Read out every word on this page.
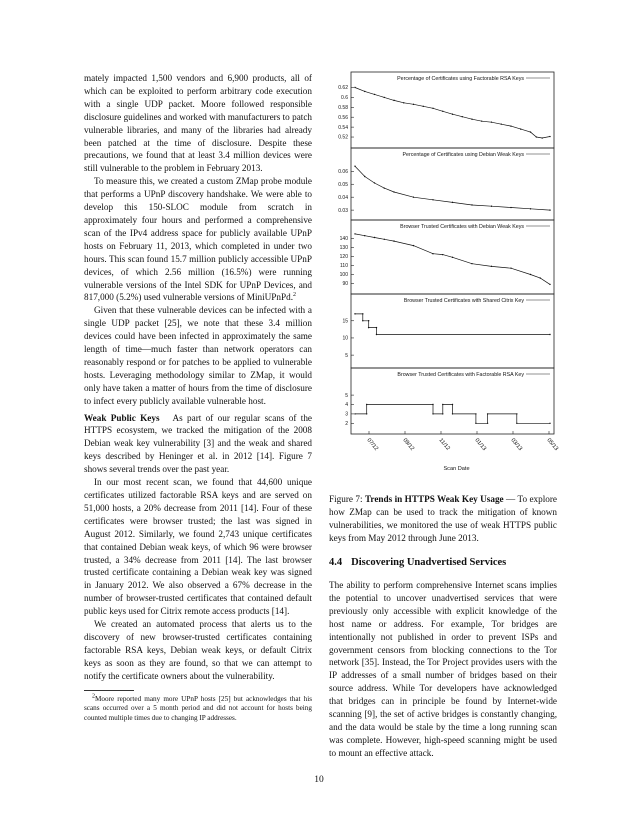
mately impacted 1,500 vendors and 6,900 products, all of which can be exploited to perform arbitrary code execution with a single UDP packet. Moore followed responsible disclosure guidelines and worked with manufacturers to patch vulnerable libraries, and many of the libraries had already been patched at the time of disclosure. Despite these precautions, we found that at least 3.4 million devices were still vulnerable to the problem in February 2013.

To measure this, we created a custom ZMap probe module that performs a UPnP discovery handshake. We were able to develop this 150-SLOC module from scratch in approximately four hours and performed a comprehensive scan of the IPv4 address space for publicly available UPnP hosts on February 11, 2013, which completed in under two hours. This scan found 15.7 million publicly accessible UPnP devices, of which 2.56 million (16.5%) were running vulnerable versions of the Intel SDK for UPnP Devices, and 817,000 (5.2%) used vulnerable versions of MiniUPnPd.$^2$

Given that these vulnerable devices can be infected with a single UDP packet [25], we note that these 3.4 million devices could have been infected in approximately the same length of time—much faster than network operators can reasonably respond or for patches to be applied to vulnerable hosts. Leveraging methodology similar to ZMap, it would only have taken a matter of hours from the time of disclosure to infect every publicly available vulnerable host.

Weak Public Keys As part of our regular scans of the HTTPS ecosystem, we tracked the mitigation of the 2008 Debian weak key vulnerability [3] and the weak and shared keys described by Heninger et al. in 2012 [14]. Figure 7 shows several trends over the past year.

In our most recent scan, we found that 44,600 unique certificates utilized factorable RSA keys and are served on 51,000 hosts, a 20% decrease from 2011 [14]. Four of these certificates were browser trusted; the last was signed in August 2012. Similarly, we found 2,743 unique certificates that contained Debian weak keys, of which 96 were browser trusted, a 34% decrease from 2011 [14]. The last browser trusted certificate containing a Debian weak key was signed in January 2012. We also observed a 67% decrease in the number of browser-trusted certificates that contained default public keys used for Citrix remote access products [14].

We created an automated process that alerts us to the discovery of new browser-trusted certificates containing factorable RSA keys, Debian weak keys, or default Citrix keys as soon as they are found, so that we can attempt to notify the certificate owners about the vulnerability.

$^2$Moore reported many more UPnP hosts [25] but acknowledges that his scans occurred over a 5 month period and did not account for hosts being counted multiple times due to changing IP addresses.

Percentage of Certificates using Factorable RSA Keys
0.62
0.6
0.58
0.56
0.54
0.52
Percentage of Certificates using Debian Weak Keys
0.06
0.05
0.04
0.03
Browser Trusted Certificates with Debian Weak Keys
140
130
120
110
100
90
Browser Trusted Certificates with Shared Citrix Key
15
10
5
Browser Trusted Certificates with Factorable RSA Key
5
4
3
2
07/12	09/12	11/12	01/13	03/13	05/13
Scan Date

Figure 7: Trends in HTTPS Weak Key Usage — To explore how ZMap can be used to track the mitigation of known vulnerabilities, we monitored the use of weak HTTPS public keys from May 2012 through June 2013.

4.4 Discovering Unadvertised Services

The ability to perform comprehensive Internet scans implies the potential to uncover unadvertised services that were previously only accessible with explicit knowledge of the host name or address. For example, Tor bridges are intentionally not published in order to prevent ISPs and government censors from blocking connections to the Tor network [35]. Instead, the Tor Project provides users with the IP addresses of a small number of bridges based on their source address. While Tor developers have acknowledged that bridges can in principle be found by Internet-wide scanning [9], the set of active bridges is constantly changing, and the data would be stale by the time a long running scan was complete. However, high-speed scanning might be used to mount an effective attack.

10
